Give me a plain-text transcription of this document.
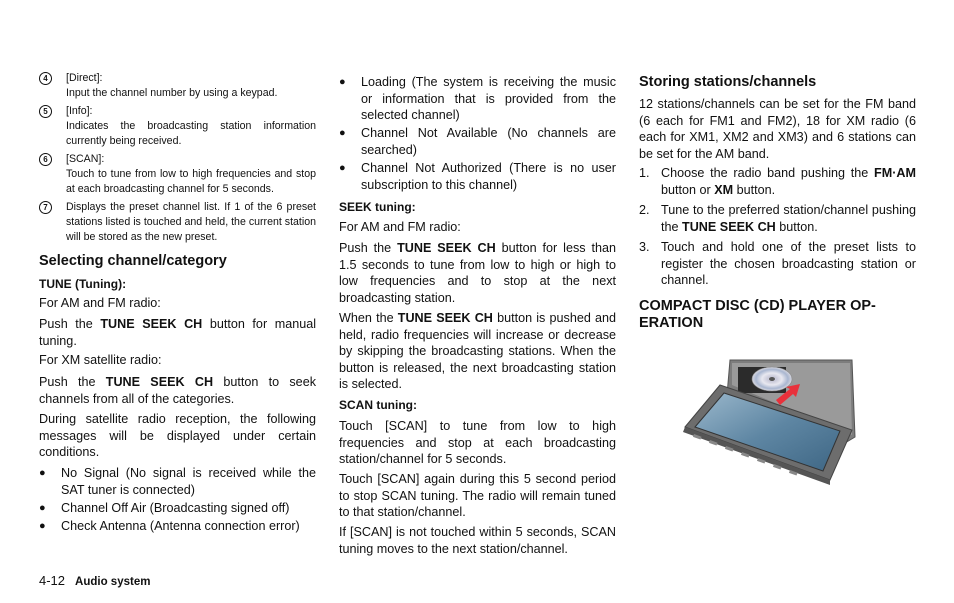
4	[Direct]:

Input the channel number by using a keypad.

5	[Info]:

Indicates the broadcasting station information currently being received.

6	[SCAN]:

Touch to tune from low to high frequencies and stop at each broadcasting channel for 5 seconds.

7	Displays the preset channel list. If 1 of the 6 preset stations listed is touched and held, the current station will be stored as the new preset.

Selecting channel/category
TUNE (Tuning):
For AM and FM radio:
Push the TUNE SEEK CH button for manual tuning.
For XM satellite radio:
Push the TUNE SEEK CH button to seek channels from all of the categories.
During satellite radio reception, the following messages will be displayed under certain conditions.
● No Signal (No signal is received while the SAT tuner is connected)

● Channel Off Air (Broadcasting signed off)

● Check Antenna (Antenna connection error)

● Loading (The system is receiving the music or information that is provided from the selected channel)

● Channel Not Available (No channels are searched)

● Channel Not Authorized (There is no user subscription to this channel)

SEEK tuning:
For AM and FM radio:
Push the TUNE SEEK CH button for less than 1.5 seconds to tune from low to high or high to low frequencies and to stop at the next broadcasting station.
When the TUNE SEEK CH button is pushed and held, radio frequencies will increase or decrease by skipping the broadcasting stations. When the button is released, the next broadcasting station is selected.
SCAN tuning:
Touch [SCAN] to tune from low to high frequencies and stop at each broadcasting station/channel for 5 seconds.
Touch [SCAN] again during this 5 second period to stop SCAN tuning. The radio will remain tuned to that station/channel.
If [SCAN] is not touched within 5 seconds, SCAN tuning moves to the next station/channel.
Storing stations/channels
12 stations/channels can be set for the FM band (6 each for FM1 and FM2), 18 for XM radio (6 each for XM1, XM2 and XM3) and 6 stations can be set for the AM band.
1. Choose the radio band pushing the FM·AM button or XM button.

2. Tune to the preferred station/channel pushing the TUNE SEEK CH button.

3. Touch and hold one of the preset lists to register the chosen broadcasting station or channel.

COMPACT DISC (CD) PLAYER OP-
ERATION
4-12 Audio system
